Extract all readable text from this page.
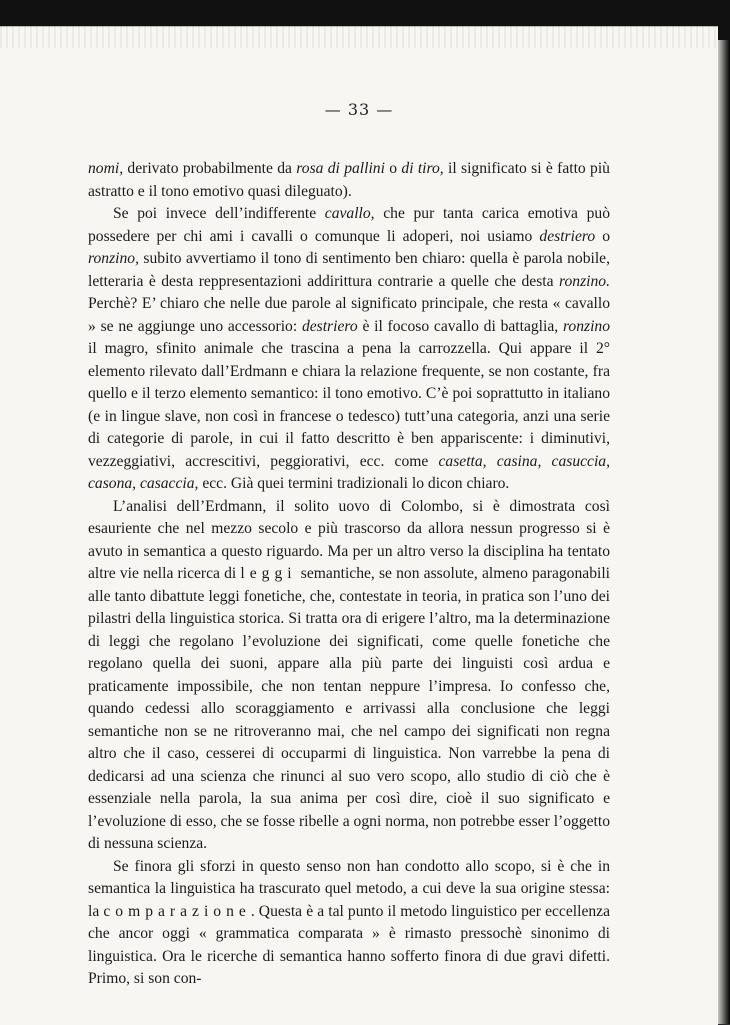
— 33 —

nomi, derivato probabilmente da rosa di pallini o di tiro, il significato si è fatto più astratto e il tono emotivo quasi dileguato).

Se poi invece dell’indifferente cavallo, che pur tanta carica emotiva può possedere per chi ami i cavalli o comunque li adoperi, noi usiamo destriero o ronzino, subito avvertiamo il tono di sentimento ben chiaro: quella è parola nobile, letteraria è desta reppresentazioni addirittura contrarie a quelle che desta ronzino. Perchè? E’ chiaro che nelle due parole al significato principale, che resta « cavallo » se ne aggiunge uno accessorio: destriero è il focoso cavallo di battaglia, ronzino il magro, sfinito animale che trascina a pena la carrozzella. Qui appare il 2° elemento rilevato dall’Erdmann e chiara la relazione frequente, se non costante, fra quello e il terzo elemento semantico: il tono emotivo. C’è poi soprattutto in italiano (e in lingue slave, non così in francese o tedesco) tutt’una categoria, anzi una serie di categorie di parole, in cui il fatto descritto è ben appariscente: i diminutivi, vezzeggiativi, accrescitivi, peggiorativi, ecc. come casetta, casina, casuccia, casona, casaccia, ecc. Già quei termini tradizionali lo dicon chiaro.

L’analisi dell’Erdmann, il solito uovo di Colombo, si è dimostrata così esauriente che nel mezzo secolo e più trascorso da allora nessun progresso si è avuto in semantica a questo riguardo. Ma per un altro verso la disciplina ha tentato altre vie nella ricerca di leggi semantiche, se non assolute, almeno paragonabili alle tanto dibattute leggi fonetiche, che, contestate in teoria, in pratica son l’uno dei pilastri della linguistica storica. Si tratta ora di erigere l’altro, ma la determinazione di leggi che regolano l’evoluzione dei significati, come quelle fonetiche che regolano quella dei suoni, appare alla più parte dei linguisti così ardua e praticamente impossibile, che non tentan neppure l’impresa. Io confesso che, quando cedessi allo scoraggiamento e arrivassi alla conclusione che leggi semantiche non se ne ritroveranno mai, che nel campo dei significati non regna altro che il caso, cesserei di occuparmi di linguistica. Non varrebbe la pena di dedicarsi ad una scienza che rinunci al suo vero scopo, allo studio di ciò che è essenziale nella parola, la sua anima per così dire, cioè il suo significato e l’evoluzione di esso, che se fosse ribelle a ogni norma, non potrebbe esser l’oggetto di nessuna scienza.

Se finora gli sforzi in questo senso non han condotto allo scopo, si è che in semantica la linguistica ha trascurato quel metodo, a cui deve la sua origine stessa: la comparazione. Questa è a tal punto il metodo linguistico per eccellenza che ancor oggi « grammatica comparata » è rimasto pressochè sinonimo di linguistica. Ora le ricerche di semantica hanno sofferto finora di due gravi difetti. Primo, si son con-
